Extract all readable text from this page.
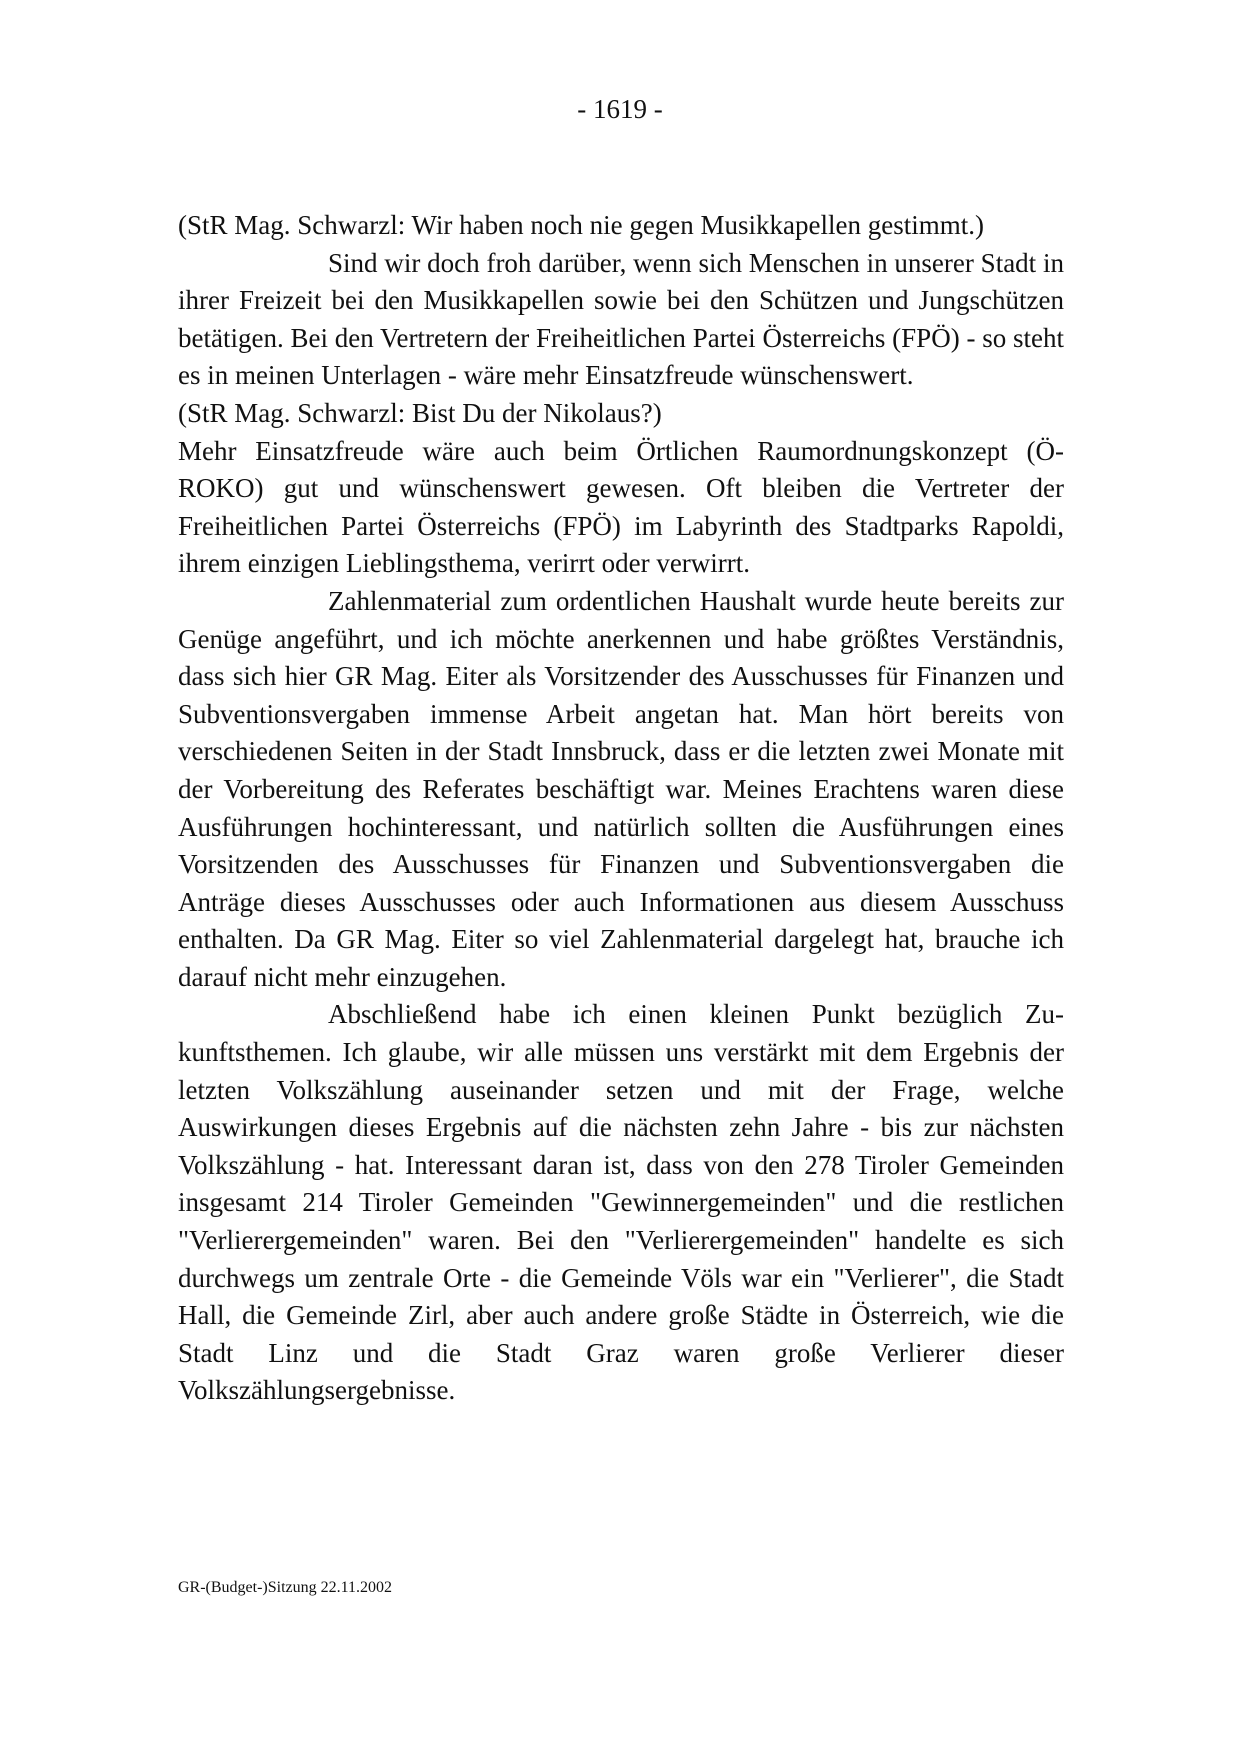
- 1619 -

(StR Mag. Schwarzl: Wir haben noch nie gegen Musikkapellen gestimmt.)

Sind wir doch froh darüber, wenn sich Menschen in unserer Stadt in ihrer Freizeit bei den Musikkapellen sowie bei den Schützen und Jungschützen betätigen. Bei den Vertretern der Freiheitlichen Partei Österreichs (FPÖ) - so steht es in meinen Unterlagen - wäre mehr Einsatzfreude wünschenswert.

(StR Mag. Schwarzl: Bist Du der Nikolaus?)

Mehr Einsatzfreude wäre auch beim Örtlichen Raumordnungskonzept (Ö-ROKO) gut und wünschenswert gewesen. Oft bleiben die Vertreter der Freiheitlichen Partei Österreichs (FPÖ) im Labyrinth des Stadtparks Rapoldi, ihrem einzigen Lieblingsthema, verirrt oder verwirrt.

Zahlenmaterial zum ordentlichen Haushalt wurde heute bereits zur Genüge angeführt, und ich möchte anerkennen und habe größtes Verständnis, dass sich hier GR Mag. Eiter als Vorsitzender des Ausschusses für Finanzen und Subventionsvergaben immense Arbeit angetan hat. Man hört bereits von verschiedenen Seiten in der Stadt Innsbruck, dass er die letzten zwei Monate mit der Vorbereitung des Referates beschäftigt war. Meines Erachtens waren diese Ausführungen hochinteressant, und natürlich sollten die Ausführungen eines Vorsitzenden des Ausschusses für Finanzen und Subventionsvergaben die Anträge dieses Ausschusses oder auch Informationen aus diesem Ausschuss enthalten. Da GR Mag. Eiter so viel Zahlenmaterial dargelegt hat, brauche ich darauf nicht mehr einzugehen.

Abschließend habe ich einen kleinen Punkt bezüglich Zukunftsthemen. Ich glaube, wir alle müssen uns verstärkt mit dem Ergebnis der letzten Volkszählung auseinander setzen und mit der Frage, welche Auswirkungen dieses Ergebnis auf die nächsten zehn Jahre - bis zur nächsten Volkszählung - hat. Interessant daran ist, dass von den 278 Tiroler Gemeinden insgesamt 214 Tiroler Gemeinden "Gewinnergemeinden" und die restlichen "Verlierergemeinden" waren. Bei den "Verlierergemeinden" handelte es sich durchwegs um zentrale Orte - die Gemeinde Völs war ein "Verlierer", die Stadt Hall, die Gemeinde Zirl, aber auch andere große Städte in Österreich, wie die Stadt Linz und die Stadt Graz waren große Verlierer dieser Volkszählungsergebnisse.

GR-(Budget-)Sitzung 22.11.2002
